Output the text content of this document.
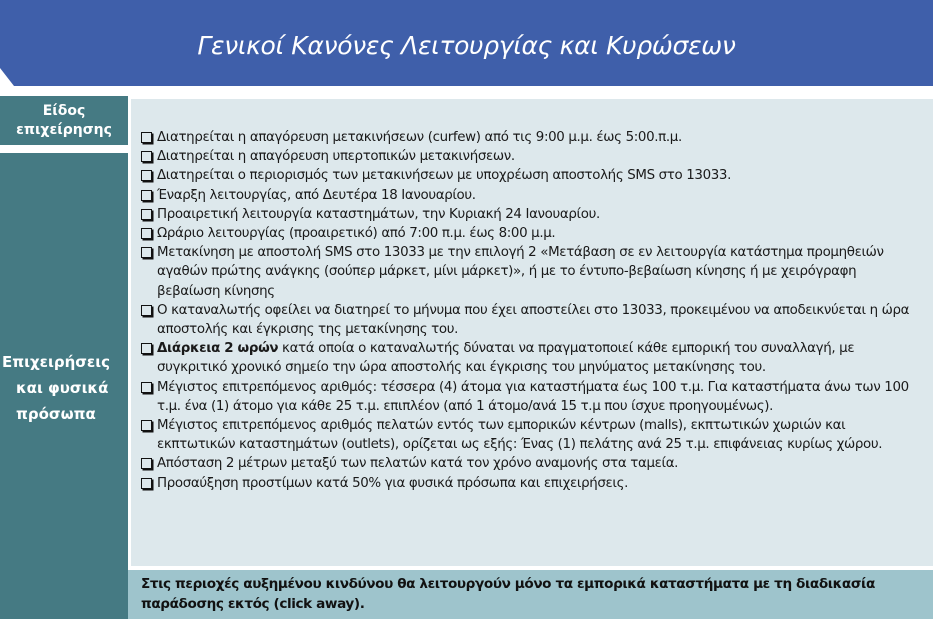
Γενικοί Κανόνες Λειτουργίας και Κυρώσεων
Είδος
επιχείρησης
Επιχειρήσεις
και φυσικά
πρόσωπα
Διατηρείται η απαγόρευση μετακινήσεων (curfew) από τις 9:00 μ.μ. έως 5:00.π.μ.
Διατηρείται η απαγόρευση υπερτοπικών μετακινήσεων.
Διατηρείται ο περιορισμός των μετακινήσεων με υποχρέωση αποστολής SMS στο 13033.
Έναρξη λειτουργίας, από Δευτέρα 18 Ιανουαρίου.
Προαιρετική λειτουργία καταστημάτων, την Κυριακή 24 Ιανουαρίου.
Ωράριο λειτουργίας (προαιρετικό) από 7:00 π.μ. έως 8:00 μ.μ.
Μετακίνηση με αποστολή SMS στο 13033 με την επιλογή 2 «Μετάβαση σε εν λειτουργία κατάστημα προμηθειών αγαθών πρώτης ανάγκης (σούπερ μάρκετ, μίνι μάρκετ)», ή με το έντυπο-βεβαίωση κίνησης ή με χειρόγραφη βεβαίωση κίνησης
Ο καταναλωτής οφείλει να διατηρεί το μήνυμα που έχει αποστείλει στο 13033, προκειμένου να αποδεικνύεται η ώρα αποστολής και έγκρισης της μετακίνησης του.
Διάρκεια 2 ωρών κατά οποία ο καταναλωτής δύναται να πραγματοποιεί κάθε εμπορική του συναλλαγή, με συγκριτικό χρονικό σημείο την ώρα αποστολής και έγκρισης του μηνύματος μετακίνησης του.
Μέγιστος επιτρεπόμενος αριθμός: τέσσερα (4) άτομα για καταστήματα έως 100 τ.μ. Για καταστήματα άνω των 100 τ.μ. ένα (1) άτομο για κάθε 25 τ.μ. επιπλέον (από 1 άτομο/ανά 15 τ.μ που ίσχυε προηγουμένως).
Μέγιστος επιτρεπόμενος αριθμός πελατών εντός των εμπορικών κέντρων (malls), εκπτωτικών χωριών και εκπτωτικών καταστημάτων (outlets), ορίζεται ως εξής: Ένας (1) πελάτης ανά 25 τ.μ. επιφάνειας κυρίως χώρου.
Απόσταση 2 μέτρων μεταξύ των πελατών κατά τον χρόνο αναμονής στα ταμεία.
Προσαύξηση προστίμων κατά 50% για φυσικά πρόσωπα και επιχειρήσεις.
Στις περιοχές αυξημένου κινδύνου θα λειτουργούν μόνο τα εμπορικά καταστήματα με τη διαδικασία παράδοσης εκτός (click away).
